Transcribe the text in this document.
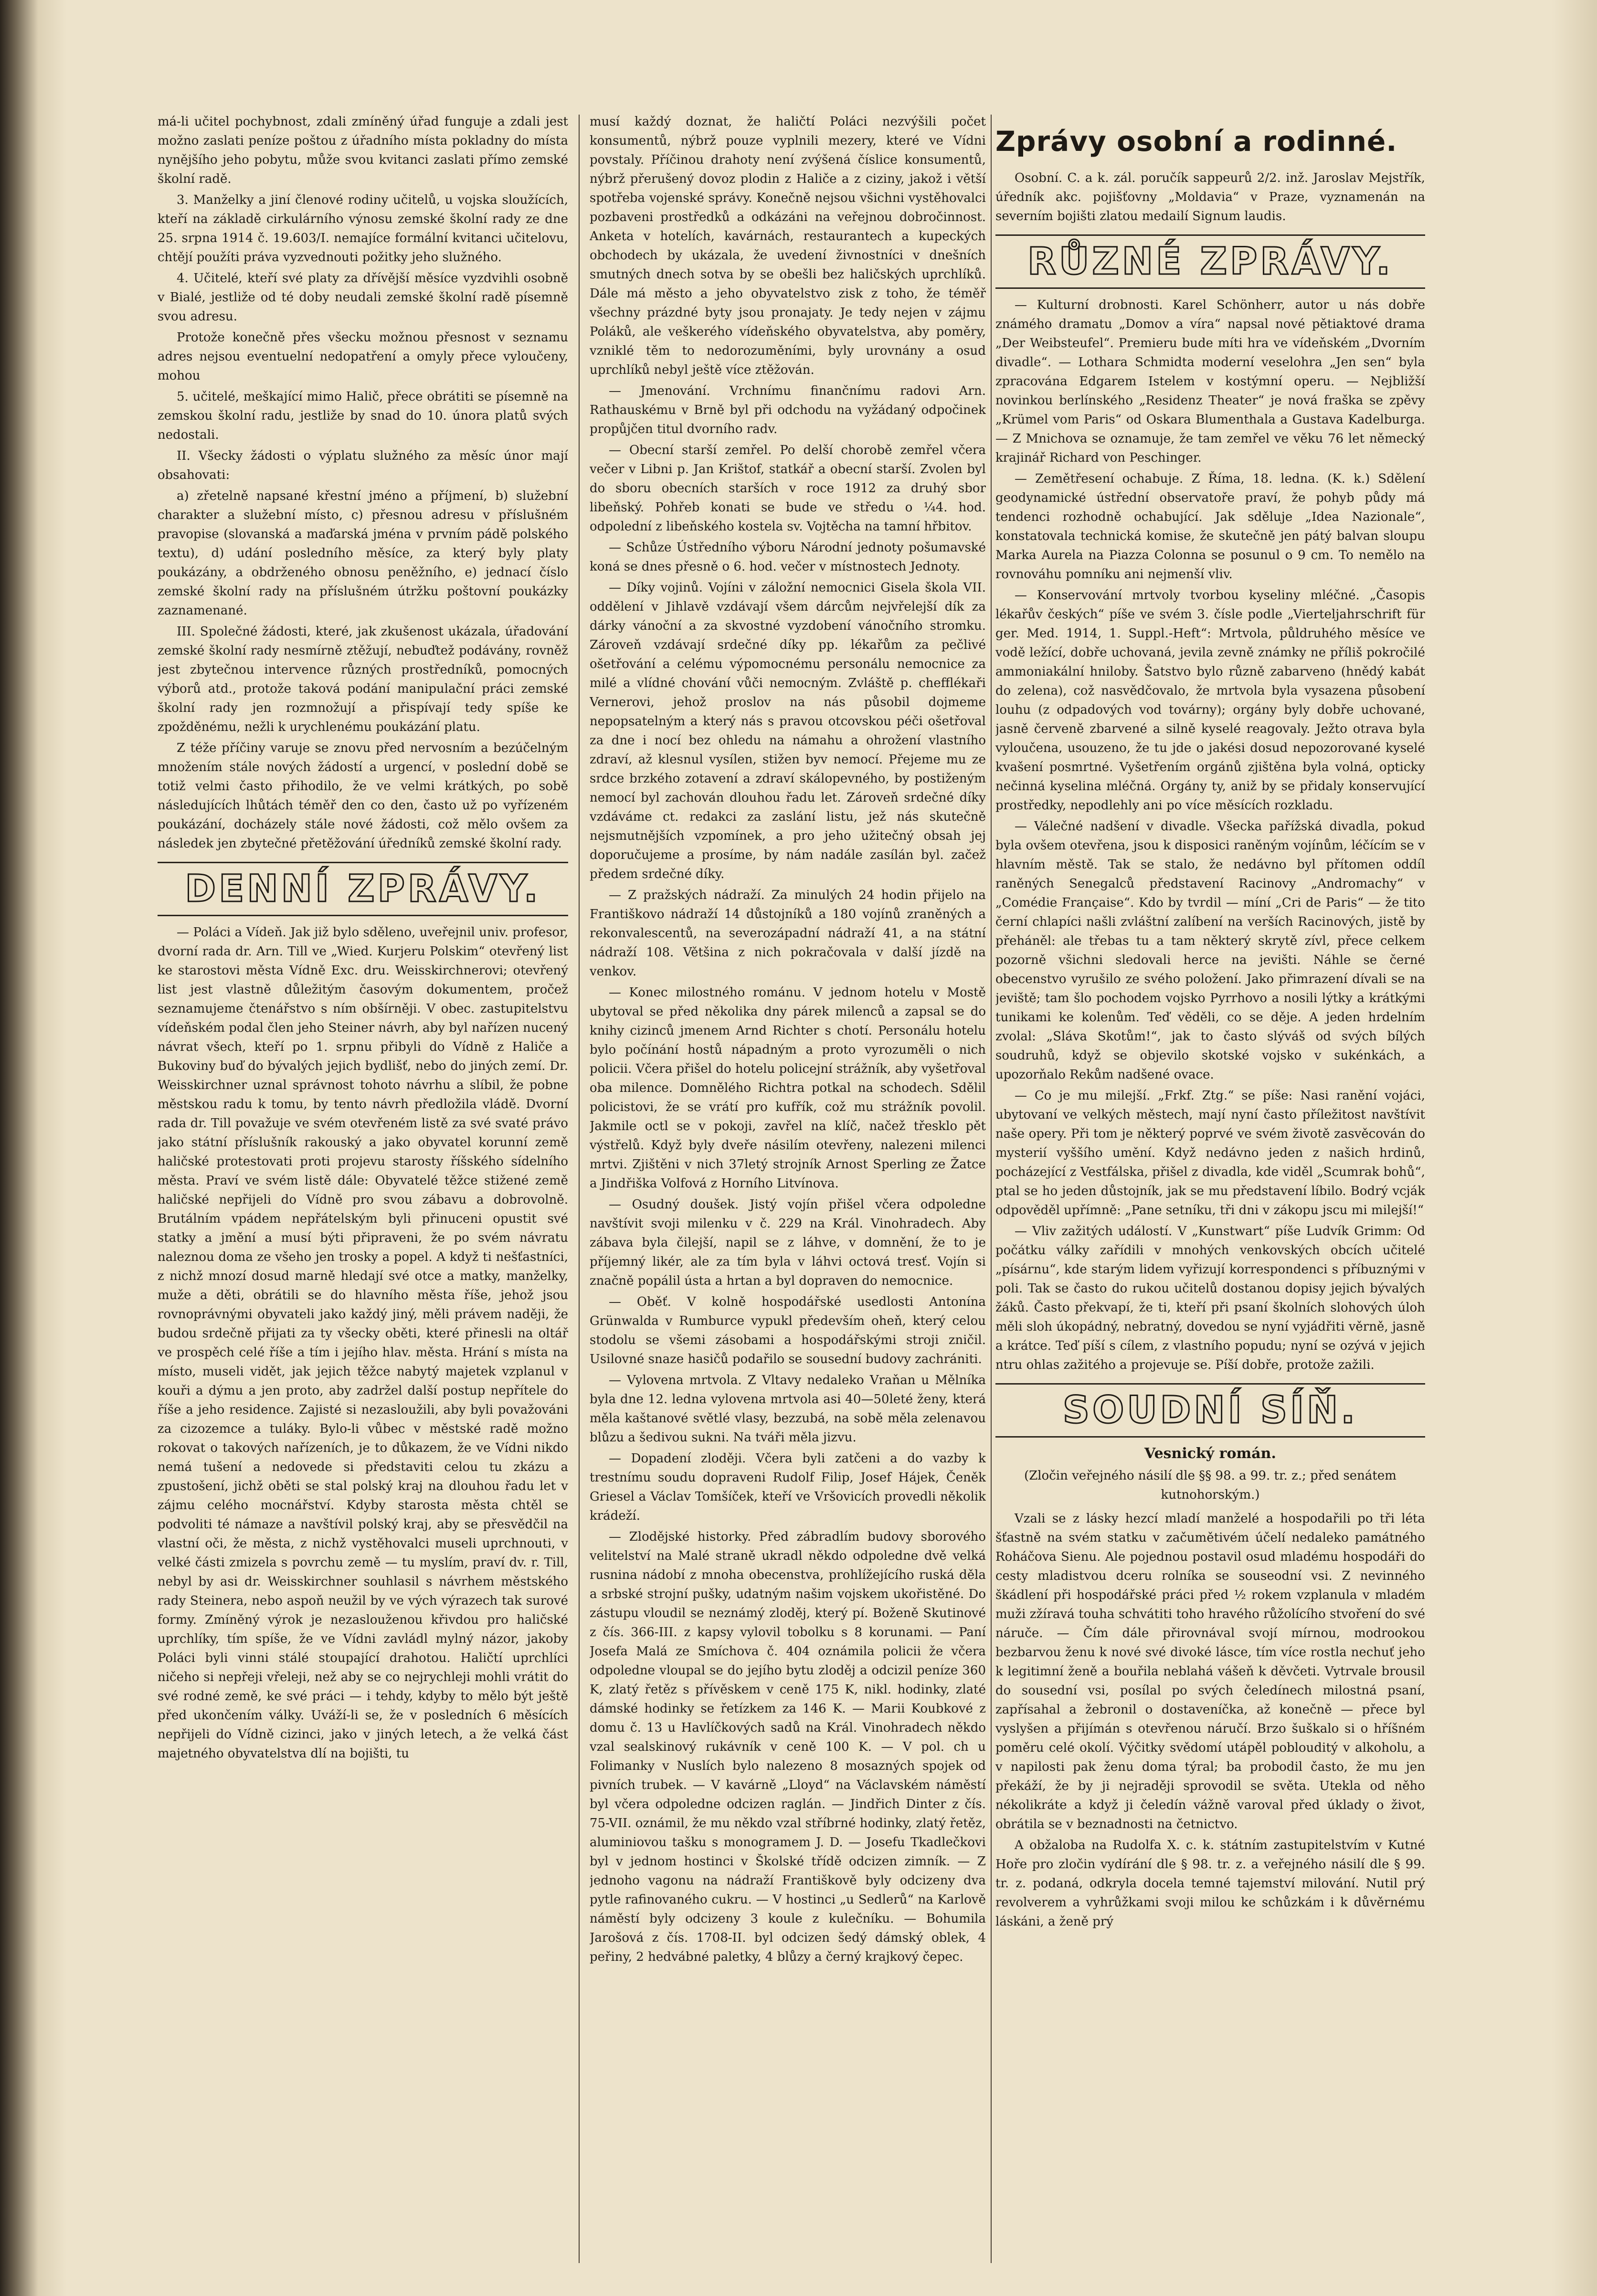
má-li učitel pochybnost, zdali zmíněný úřad funguje a zdali jest možno zaslati peníze poštou z úřadního místa pokladny do místa nynějšího jeho pobytu, může svou kvitanci zaslati přímo zemské školní radě.

3. Manželky a jiní členové rodiny učitelů, u vojska sloužících, kteří na základě cirkulárního výnosu zemské školní rady ze dne 25. srpna 1914 č. 19.603/I. nemajíce formální kvitanci učitelovu, chtějí použíti práva vyzvednouti požitky jeho služného.

4. Učitelé, kteří své platy za dřívější měsíce vyzdvihli osobně v Bialé, jestliže od té doby neudali zemské školní radě písemně svou adresu.

Protože konečně přes všecku možnou přesnost v seznamu adres nejsou eventuelní nedopatření a omyly přece vyloučeny, mohou

5. učitelé, meškající mimo Halič, přece obrátiti se písemně na zemskou školní radu, jestliže by snad do 10. února platů svých nedostali.

II. Všecky žádosti o výplatu služného za měsíc únor mají obsahovati:

a) zřetelně napsané křestní jméno a příjmení, b) služební charakter a služební místo, c) přesnou adresu v příslušném pravopise (slovanská a maďarská jména v prvním pádě polského textu), d) udání posledního měsíce, za který byly platy poukázány, a obdrženého obnosu peněžního, e) jednací číslo zemské školní rady na příslušném útržku poštovní poukázky zaznamenané.

III. Společné žádosti, které, jak zkušenost ukázala, úřadování zemské školní rady nesmírně ztěžují, nebuďtež podávány, rovněž jest zbytečnou intervence různých prostředníků, pomocných výborů atd., protože taková podání manipulační práci zemské školní rady jen rozmnožují a přispívají tedy spíše ke zpožděnému, nežli k urychlenému poukázání platu.

Z téže příčiny varuje se znovu před nervosním a bezúčelným množením stále nových žádostí a urgencí, v poslední době se totiž velmi často přihodilo, že ve velmi krátkých, po sobě následujících lhůtách téměř den co den, často už po vyřízeném poukázání, docházely stále nové žádosti, což mělo ovšem za následek jen zbytečné přetěžování úředníků zemské školní rady.

DENNÍ ZPRÁVY.

— Poláci a Vídeň. Jak již bylo sděleno, uveřejnil univ. profesor, dvorní rada dr. Arn. Till ve „Wied. Kurjeru Polskim“ otevřený list ke starostovi města Vídně Exc. dru. Weisskirchnerovi; otevřený list jest vlastně důležitým časovým dokumentem, pročež seznamujeme čtenářstvo s ním obšírněji. V obec. zastupitelstvu vídeňském podal člen jeho Steiner návrh, aby byl nařízen nucený návrat všech, kteří po 1. srpnu přibyli do Vídně z Haliče a Bukoviny buď do bývalých jejich bydlišť, nebo do jiných zemí. Dr. Weisskirchner uznal správnost tohoto návrhu a slíbil, že pobne městskou radu k tomu, by tento návrh předložila vládě. Dvorní rada dr. Till považuje ve svém otevřeném listě za své svaté právo jako státní příslušník rakouský a jako obyvatel korunní země haličské protestovati proti projevu starosty říšského sídelního města. Praví ve svém listě dále: Obyvatelé těžce stižené země haličské nepřijeli do Vídně pro svou zábavu a dobrovolně. Brutálním vpádem nepřátelským byli přinuceni opustit své statky a jmění a musí býti připraveni, že po svém návratu naleznou doma ze všeho jen trosky a popel. A když ti nešťastníci, z nichž mnozí dosud marně hledají své otce a matky, manželky, muže a děti, obrátili se do hlavního města říše, jehož jsou rovnoprávnými obyvateli jako každý jiný, měli právem naději, že budou srdečně přijati za ty všecky oběti, které přinesli na oltář ve prospěch celé říše a tím i jejího hlav. města. Hrání s místa na místo, museli vidět, jak jejich těžce nabytý majetek vzplanul v kouři a dýmu a jen proto, aby zadržel další postup nepřítele do říše a jeho residence. Zajisté si nezasloužili, aby byli považováni za cizozemce a tuláky. Bylo-li vůbec v městské radě možno rokovat o takových nařízeních, je to důkazem, že ve Vídni nikdo nemá tušení a nedovede si představiti celou tu zkázu a zpustošení, jichž oběti se stal polský kraj na dlouhou řadu let v zájmu celého mocnářství. Kdyby starosta města chtěl se podvoliti té námaze a navštívil polský kraj, aby se přesvědčil na vlastní oči, že města, z nichž vystěhovalci museli uprchnouti, v velké části zmizela s povrchu země — tu myslím, praví dv. r. Till, nebyl by asi dr. Weisskirchner souhlasil s návrhem městského rady Steinera, nebo aspoň neužil by ve vých výrazech tak surové formy. Zmíněný výrok je nezaslouženou křivdou pro haličské uprchlíky, tím spíše, že ve Vídni zavládl mylný názor, jakoby Poláci byli vinni stálé stoupající drahotou. Haličtí uprchlíci ničeho si nepřeji vřeleji, než aby se co nejrychleji mohli vrátit do své rodné země, ke své práci — i tehdy, kdyby to mělo být ještě před ukončením války. Uváží-li se, že v posledních 6 měsících nepřijeli do Vídně cizinci, jako v jiných letech, a že velká část majetného obyvatelstva dlí na bojišti, tu

musí každý doznat, že haličtí Poláci nezvýšili počet konsumentů, nýbrž pouze vyplnili mezery, které ve Vídni povstaly. Příčinou drahoty není zvýšená číslice konsumentů, nýbrž přerušený dovoz plodin z Haliče a z ciziny, jakož i větší spotřeba vojenské správy. Konečně nejsou všichni vystěhovalci pozbaveni prostředků a odkázáni na veřejnou dobročinnost. Anketa v hotelích, kavárnách, restaurantech a kupeckých obchodech by ukázala, že uvedení živnostníci v dnešních smutných dnech sotva by se obešli bez haličských uprchlíků. Dále má město a jeho obyvatelstvo zisk z toho, že téměř všechny prázdné byty jsou pronajaty. Je tedy nejen v zájmu Poláků, ale veškerého vídeňského obyvatelstva, aby poměry, vzniklé těm to nedorozuměními, byly urovnány a osud uprchlíků nebyl ještě více ztěžován.

— Jmenování. Vrchnímu finančnímu radovi Arn. Rathauskému v Brně byl při odchodu na vyžádaný odpočinek propůjčen titul dvorního radv.

— Obecní starší zemřel. Po delší chorobě zemřel včera večer v Libni p. Jan Krištof, statkář a obecní starší. Zvolen byl do sboru obecních starších v roce 1912 za druhý sbor libeňský. Pohřeb konati se bude ve středu o ¼4. hod. odpolední z libeňského kostela sv. Vojtěcha na tamní hřbitov.

— Schůze Ústředního výboru Národní jednoty pošumavské koná se dnes přesně o 6. hod. večer v místnostech Jednoty.

— Díky vojinů. Vojíni v záložní nemocnici Gisela škola VII. oddělení v Jihlavě vzdávají všem dárcům nejvřelejší dík za dárky vánoční a za skvostné vyzdobení vánočního stromku. Zároveň vzdávají srdečné díky pp. lékařům za pečlivé ošetřování a celému výpomocnému personálu nemocnice za milé a vlídné chování vůči nemocným. Zvláště p. chefflékaři Vernerovi, jehož proslov na nás působil dojmeme nepopsatelným a který nás s pravou otcovskou péči ošetřoval za dne i nocí bez ohledu na námahu a ohrožení vlastního zdraví, až klesnul vysílen, stižen byv nemocí. Přejeme mu ze srdce brzkého zotavení a zdraví skálopevného, by postiženým nemocí byl zachován dlouhou řadu let. Zároveň srdečné díky vzdáváme ct. redakci za zaslání listu, jež nás skutečně nejsmutnějších vzpomínek, a pro jeho užitečný obsah jej doporučujeme a prosíme, by nám nadále zasílán byl. začež předem srdečné díky.

— Z pražských nádraží. Za minulých 24 hodin přijelo na Františkovo nádraží 14 důstojníků a 180 vojínů zraněných a rekonvalescentů, na severozápadní nádraží 41, a na státní nádraží 108. Většina z nich pokračovala v další jízdě na venkov.

— Konec milostného románu. V jednom hotelu v Mostě ubytoval se před několika dny párek milenců a zapsal se do knihy cizinců jmenem Arnd Richter s chotí. Personálu hotelu bylo počínání hostů nápadným a proto vyrozuměli o nich policii. Včera přišel do hotelu policejní strážník, aby vyšetřoval oba milence. Domnělého Richtra potkal na schodech. Sdělil policistovi, že se vrátí pro kufřík, což mu strážník povolil. Jakmile octl se v pokoji, zavřel na klíč, načež třesklo pět výstřelů. Když byly dveře násilím otevřeny, nalezeni milenci mrtvi. Zjištěni v nich 37letý strojník Arnost Sperling ze Žatce a Jindřiška Volfová z Horního Litvínova.

— Osudný doušek. Jistý vojín přišel včera odpoledne navštívit svoji milenku v č. 229 na Král. Vinohradech. Aby zábava byla čilejší, napil se z láhve, v domnění, že to je příjemný likér, ale za tím byla v láhvi octová tresť. Vojín si značně popálil ústa a hrtan a byl dopraven do nemocnice.

— Oběť. V kolně hospodářské usedlosti Antonína Grünwalda v Rumburce vypukl především oheň, který celou stodolu se všemi zásobami a hospodářskými stroji zničil. Usilovné snaze hasičů podařilo se sousední budovy zachrániti.

— Vylovena mrtvola. Z Vltavy nedaleko Vraňan u Mělníka byla dne 12. ledna vylovena mrtvola asi 40—50leté ženy, která měla kaštanové světlé vlasy, bezzubá, na sobě měla zelenavou blůzu a šedivou sukni. Na tváři měla jizvu.

— Dopadení zloději. Včera byli zatčeni a do vazby k trestnímu soudu dopraveni Rudolf Filip, Josef Hájek, Čeněk Griesel a Václav Tomšíček, kteří ve Vršovicích provedli několik krádeží.

— Zlodějské historky. Před zábradlím budovy sborového velitelství na Malé straně ukradl někdo odpoledne dvě velká rusnina nádobí z mnoha obecenstva, prohlížejícího ruská děla a srbské strojní pušky, udatným našim vojskem ukořistěné. Do zástupu vloudil se neznámý zloděj, který pí. Boženě Skutinové z čís. 366-III. z kapsy vylovil tobolku s 8 korunami. — Paní Josefa Malá ze Smíchova č. 404 oznámila policii že včera odpoledne vloupal se do jejího bytu zloděj a odcizil peníze 360 K, zlatý řetěz s přívěskem v ceně 175 K, nikl. hodinky, zlaté dámské hodinky se řetízkem za 146 K. — Marii Koubkové z domu č. 13 u Havlíčkových sadů na Král. Vinohradech někdo vzal sealskinový rukávník v ceně 100 K. — V pol. ch u Folimanky v Nuslích bylo nalezeno 8 mosazných spojek od pivních trubek. — V kavárně „Lloyd“ na Václavském náměstí byl včera odpoledne odcizen raglán. — Jindřich Dinter z čís. 75-VII. oznámil, že mu někdo vzal stříbrné hodinky, zlatý řetěz, aluminiovou tašku s monogramem J. D. — Josefu Tkadlečkovi byl v jednom hostinci v Školské třídě odcizen zimník. — Z jednoho vagonu na nádraží Františkově byly odcizeny dva pytle rafinovaného cukru. — V hostinci „u Sedlerů“ na Karlově náměstí byly odcizeny 3 koule z kulečníku. — Bohumila Jarošová z čís. 1708-II. byl odcizen šedý dámský oblek, 4 peřiny, 2 hedvábné paletky, 4 blůzy a černý krajkový čepec.

Zprávy osobní a rodinné.

Osobní. C. a k. zál. poručík sappeurů 2/2. inž. Jaroslav Mejstřík, úředník akc. pojišťovny „Moldavia“ v Praze, vyznamenán na severním bojišti zlatou medailí Signum laudis.

RŮZNÉ ZPRÁVY.

— Kulturní drobnosti. Karel Schönherr, autor u nás dobře známého dramatu „Domov a víra“ napsal nové pětiaktové drama „Der Weibsteufel“. Premieru bude míti hra ve vídeňském „Dvorním divadle“. — Lothara Schmidta moderní veselohra „Jen sen“ byla zpracována Edgarem Istelem v kostýmní operu. — Nejbližší novinkou berlínského „Residenz Theater“ je nová fraška se zpěvy „Krümel vom Paris“ od Oskara Blumenthala a Gustava Kadelburga. — Z Mnichova se oznamuje, že tam zemřel ve věku 76 let německý krajinář Richard von Peschinger.

— Zemětřesení ochabuje. Z Říma, 18. ledna. (K. k.) Sdělení geodynamické ústřední observatoře praví, že pohyb půdy má tendenci rozhodně ochabující. Jak sděluje „Idea Nazionale“, konstatovala technická komise, že skutečně jen pátý balvan sloupu Marka Aurela na Piazza Colonna se posunul o 9 cm. To nemělo na rovnováhu pomníku ani nejmenší vliv.

— Konservování mrtvoly tvorbou kyseliny mléčné. „Časopis lékařův českých“ píše ve svém 3. čísle podle „Vierteljahrschrift für ger. Med. 1914, 1. Suppl.-Heft“: Mrtvola, půldruhého měsíce ve vodě ležící, dobře uchovaná, jevila zevně známky ne příliš pokročilé ammoniakální hniloby. Šatstvo bylo různě zabarveno (hnědý kabát do zelena), což nasvědčovalo, že mrtvola byla vysazena působení louhu (z odpadových vod továrny); orgány byly dobře uchované, jasně červeně zbarvené a silně kyselé reagovaly. Ježto otrava byla vyloučena, usouzeno, že tu jde o jakési dosud nepozorované kyselé kvašení posmrtné. Vyšetřením orgánů zjištěna byla volná, opticky nečinná kyselina mléčná. Orgány ty, aniž by se přidaly konservující prostředky, nepodlehly ani po více měsících rozkladu.

— Válečné nadšení v divadle. Všecka pařížská divadla, pokud byla ovšem otevřena, jsou k disposici raněným vojínům, léčícím se v hlavním městě. Tak se stalo, že nedávno byl přítomen oddíl raněných Senegalců představení Racinovy „Andromachy“ v „Comédie Française“. Kdo by tvrdil — míní „Cri de Paris“ — že tito černí chlapíci našli zvláštní zalíbení na verších Racinových, jistě by přeháněl: ale třebas tu a tam některý skrytě zívl, přece celkem pozorně všichni sledovali herce na jevišti. Náhle se černé obecenstvo vyrušilo ze svého položení. Jako přimrazení dívali se na jeviště; tam šlo pochodem vojsko Pyrrhovo a nosili lýtky a krátkými tunikami ke kolenům. Teď věděli, co se děje. A jeden hrdelním zvolal: „Sláva Skotům!“, jak to často slýváš od svých bílých soudruhů, když se objevilo skotské vojsko v sukénkách, a upozorňalo Rekům nadšené ovace.

— Co je mu milejší. „Frkf. Ztg.“ se píše: Nasi ranění vojáci, ubytovaní ve velkých městech, mají nyní často příležitost navštívit naše opery. Při tom je některý poprvé ve svém životě zasvěcován do mysterií vyššího umění. Když nedávno jeden z našich hrdinů, pocházející z Vestfálska, přišel z divadla, kde viděl „Scumrak bohů“, ptal se ho jeden důstojník, jak se mu představení líbilo. Bodrý vcják odpověděl upřímně: „Pane setníku, tři dni v zákopu jscu mi milejší!“

— Vliv zažitých událostí. V „Kunstwart“ píše Ludvík Grimm: Od počátku války zařídili v mnohých venkovských obcích učitelé „písárnu“, kde starým lidem vyřizují korrespondenci s příbuznými v poli. Tak se často do rukou učitelů dostanou dopisy jejich bývalých žáků. Často překvapí, že ti, kteří při psaní školních slohových úloh měli sloh úkopádný, nebratný, dovedou se nyní vyjádřiti věrně, jasně a krátce. Teď píší s cílem, z vlastního popudu; nyní se ozývá v jejich ntru ohlas zažitého a projevuje se. Píší dobře, protože zažili.

SOUDNÍ SÍŇ.

Vesnický román.

(Zločin veřejného násilí dle §§ 98. a 99. tr. z.; před senátem kutnohorským.)

Vzali se z lásky hezcí mladí manželé a hospodařili po tři léta šťastně na svém statku v začumětivém účelí nedaleko památného Roháčova Sienu. Ale pojednou postavil osud mladému hospodáři do cesty mladistvou dceru rolníka se souseodní vsi. Z nevinného škádlení při hospodářské práci před ½ rokem vzplanula v mladém muži zžíravá touha schvátiti toho hravého růžolícího stvoření do své náruče. — Čím dále přirovnával svojí mírnou, modrookou bezbarvou ženu k nové své divoké lásce, tím více rostla nechuť jeho k legitimní ženě a bouřila neblahá vášeň k děvčeti. Vytrvale brousil do sousední vsi, posílal po svých čeledínech milostná psaní, zapřísahal a žebronil o dostaveníčka, až konečně — přece byl vyslyšen a přijímán s otevřenou náručí. Brzo šuškalo si o hříšném poměru celé okolí. Výčitky svědomí utápěl poblouditý v alkoholu, a v napilosti pak ženu doma týral; ba probodil často, že mu jen překáží, že by ji nejraději sprovodil se světa. Utekla od něho nékolikráte a když ji čeledín vážně varoval před úklady o život, obrátila se v beznadnosti na četnictvo.

A obžaloba na Rudolfa X. c. k. státním zastupitelstvím v Kutné Hoře pro zločin vydírání dle § 98. tr. z. a veřejného násilí dle § 99. tr. z. podaná, odkryla docela temné tajemství milování. Nutil prý revolverem a vyhrůžkami svoji milou ke schůzkám i k důvěrnému láskáni, a ženě prý
